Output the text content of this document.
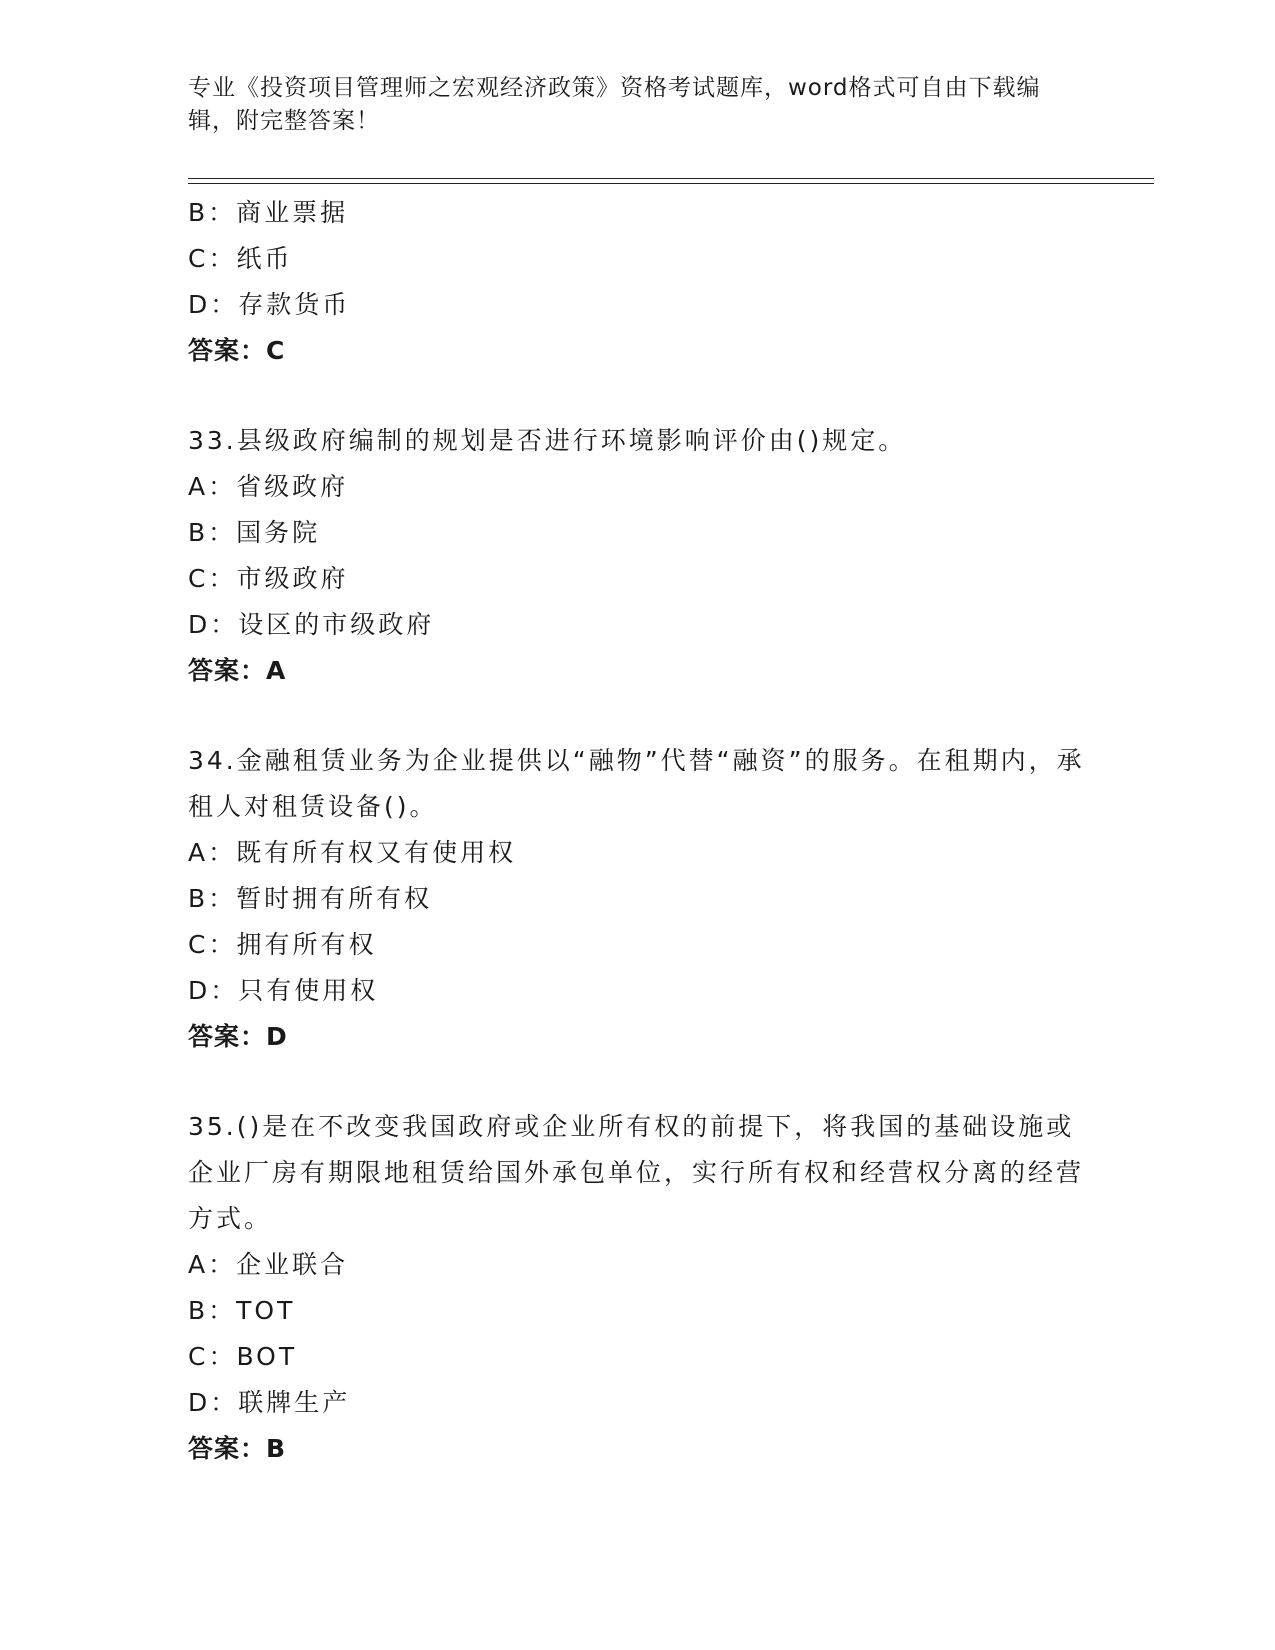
专业《投资项目管理师之宏观经济政策》资格考试题库，word格式可自由下载编辑，附完整答案！
B：商业票据
C：纸币
D：存款货币
答案：C
33.县级政府编制的规划是否进行环境影响评价由()规定。
A：省级政府
B：国务院
C：市级政府
D：设区的市级政府
答案：A
34.金融租赁业务为企业提供以“融物”代替“融资”的服务。在租期内，承租人对租赁设备()。
A：既有所有权又有使用权
B：暂时拥有所有权
C：拥有所有权
D：只有使用权
答案：D
35.()是在不改变我国政府或企业所有权的前提下，将我国的基础设施或企业厂房有期限地租赁给国外承包单位，实行所有权和经营权分离的经营方式。
A：企业联合
B：TOT
C：BOT
D：联牌生产
答案：B
